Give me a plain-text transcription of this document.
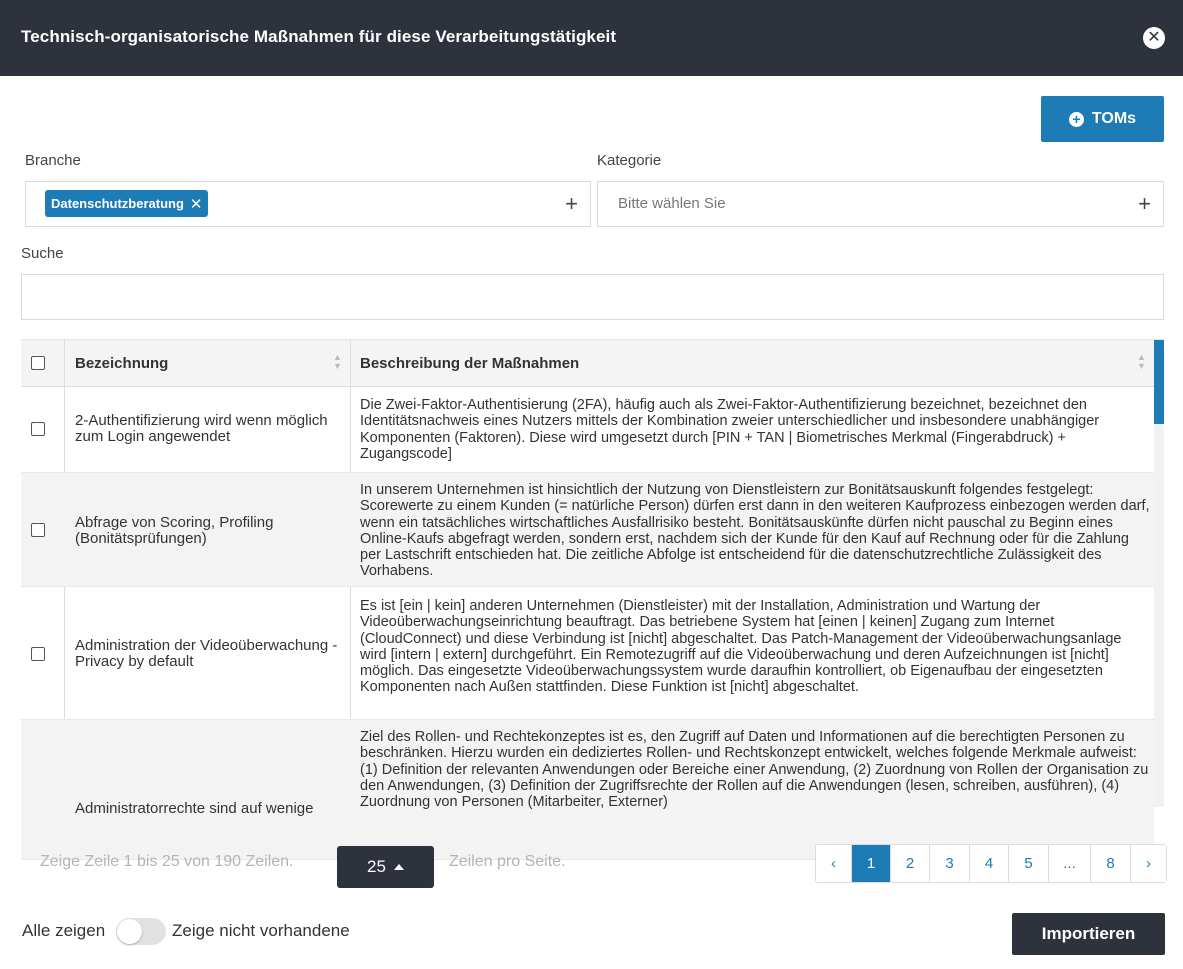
Technisch-organisatorische Maßnahmen für diese Verarbeitungstätigkeit	✕
+ TOMs
Branche
Datenschutzberatung ✕	+
Kategorie
Bitte wählen Sie	+
Suche
Bezeichnung	▲
▼ Beschreibung der Maßnahmen	▲
▼
2-Authentifizierung wird wenn möglich zum Login angewendet
Die Zwei-Faktor-Authentisierung (2FA), häufig auch als Zwei-Faktor-Authentifizierung bezeichnet, bezeichnet den Identitätsnachweis eines Nutzers mittels der Kombination zweier unterschiedlicher und insbesondere unabhängiger Komponenten (Faktoren). Diese wird umgesetzt durch [PIN + TAN | Biometrisches Merkmal (Fingerabdruck) + Zugangscode]
Abfrage von Scoring, Profiling (Bonitätsprüfungen)
In unserem Unternehmen ist hinsichtlich der Nutzung von Dienstleistern zur Bonitätsauskunft folgendes festgelegt: Scorewerte zu einem Kunden (= natürliche Person) dürfen erst dann in den weiteren Kaufprozess einbezogen werden darf, wenn ein tatsächliches wirtschaftliches Ausfallrisiko besteht. Bonitätsauskünfte dürfen nicht pauschal zu Beginn eines Online-Kaufs abgefragt werden, sondern erst, nachdem sich der Kunde für den Kauf auf Rechnung oder für die Zahlung per Lastschrift entschieden hat. Die zeitliche Abfolge ist entscheidend für die datenschutzrechtliche Zulässigkeit des Vorhabens.
Administration der Videoüberwachung - Privacy by default
Es ist [ein | kein] anderen Unternehmen (Dienstleister) mit der Installation, Administration und Wartung der Videoüberwachungseinrichtung beauftragt. Das betriebene System hat [einen | keinen] Zugang zum Internet (CloudConnect) und diese Verbindung ist [nicht] abgeschaltet. Das Patch-Management der Videoüberwachungsanlage wird [intern | extern] durchgeführt. Ein Remotezugriff auf die Videoüberwachung und deren Aufzeichnungen ist [nicht] möglich. Das eingesetzte Videoüberwachungssystem wurde daraufhin kontrolliert, ob Eigenaufbau der eingesetzten Komponenten nach Außen stattfinden. Diese Funktion ist [nicht] abgeschaltet.
Administratorrechte sind auf wenige
Ziel des Rollen- und Rechtekonzeptes ist es, den Zugriff auf Daten und Informationen auf die berechtigten Personen zu beschränken. Hierzu wurden ein dediziertes Rollen- und Rechtskonzept entwickelt, welches folgende Merkmale aufweist: (1) Definition der relevanten Anwendungen oder Bereiche einer Anwendung, (2) Zuordnung von Rollen der Organisation zu den Anwendungen, (3) Definition der Zugriffsrechte der Rollen auf die Anwendungen (lesen, schreiben, ausführen), (4) Zuordnung von Personen (Mitarbeiter, Externer)
Zeige Zeile 1 bis 25 von 190 Zeilen.	25	Zeilen pro Seite.	‹	1	2	3	4	5	...	8	›
Alle zeigen	Zeige nicht vorhandene	Importieren
